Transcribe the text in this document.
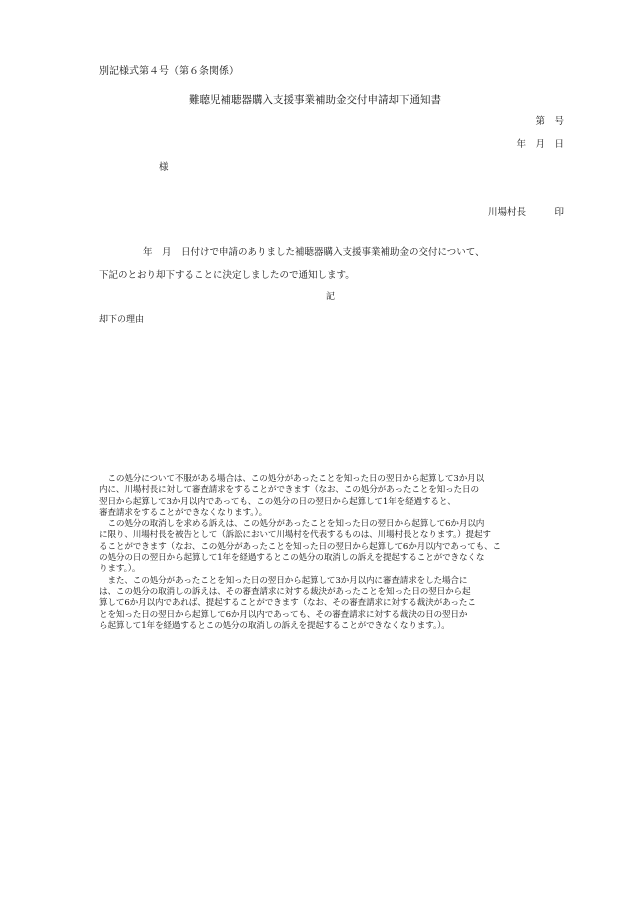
別記様式第４号（第６条関係）
難聴児補聴器購入支援事業補助金交付申請却下通知書
第　号
年　月　日
様
川場村長　　　印
年　月　日付けで申請のありました補聴器購入支援事業補助金の交付について、
下記のとおり却下することに決定しましたので通知します。
記
却下の理由
　この処分について不服がある場合は、この処分があったことを知った日の翌日から起算して3か月以
内に、川場村長に対して審査請求をすることができます（なお、この処分があったことを知った日の
翌日から起算して3か月以内であっても、この処分の日の翌日から起算して1年を経過すると、
審査請求をすることができなくなります。）。
　この処分の取消しを求める訴えは、この処分があったことを知った日の翌日から起算して6か月以内
に限り、川場村長を被告として（訴訟において川場村を代表するものは、川場村長となります。）提起す
ることができます（なお、この処分があったことを知った日の翌日から起算して6か月以内であっても、こ
の処分の日の翌日から起算して1年を経過するとこの処分の取消しの訴えを提起することができなくな
ります。）。
　また、この処分があったことを知った日の翌日から起算して3か月以内に審査請求をした場合に
は、この処分の取消しの訴えは、その審査請求に対する裁決があったことを知った日の翌日から起
算して6か月以内であれば、提起することができます（なお、その審査請求に対する裁決があったこ
とを知った日の翌日から起算して6か月以内であっても、その審査請求に対する裁決の日の翌日か
ら起算して1年を経過するとこの処分の取消しの訴えを提起することができなくなります。）。
